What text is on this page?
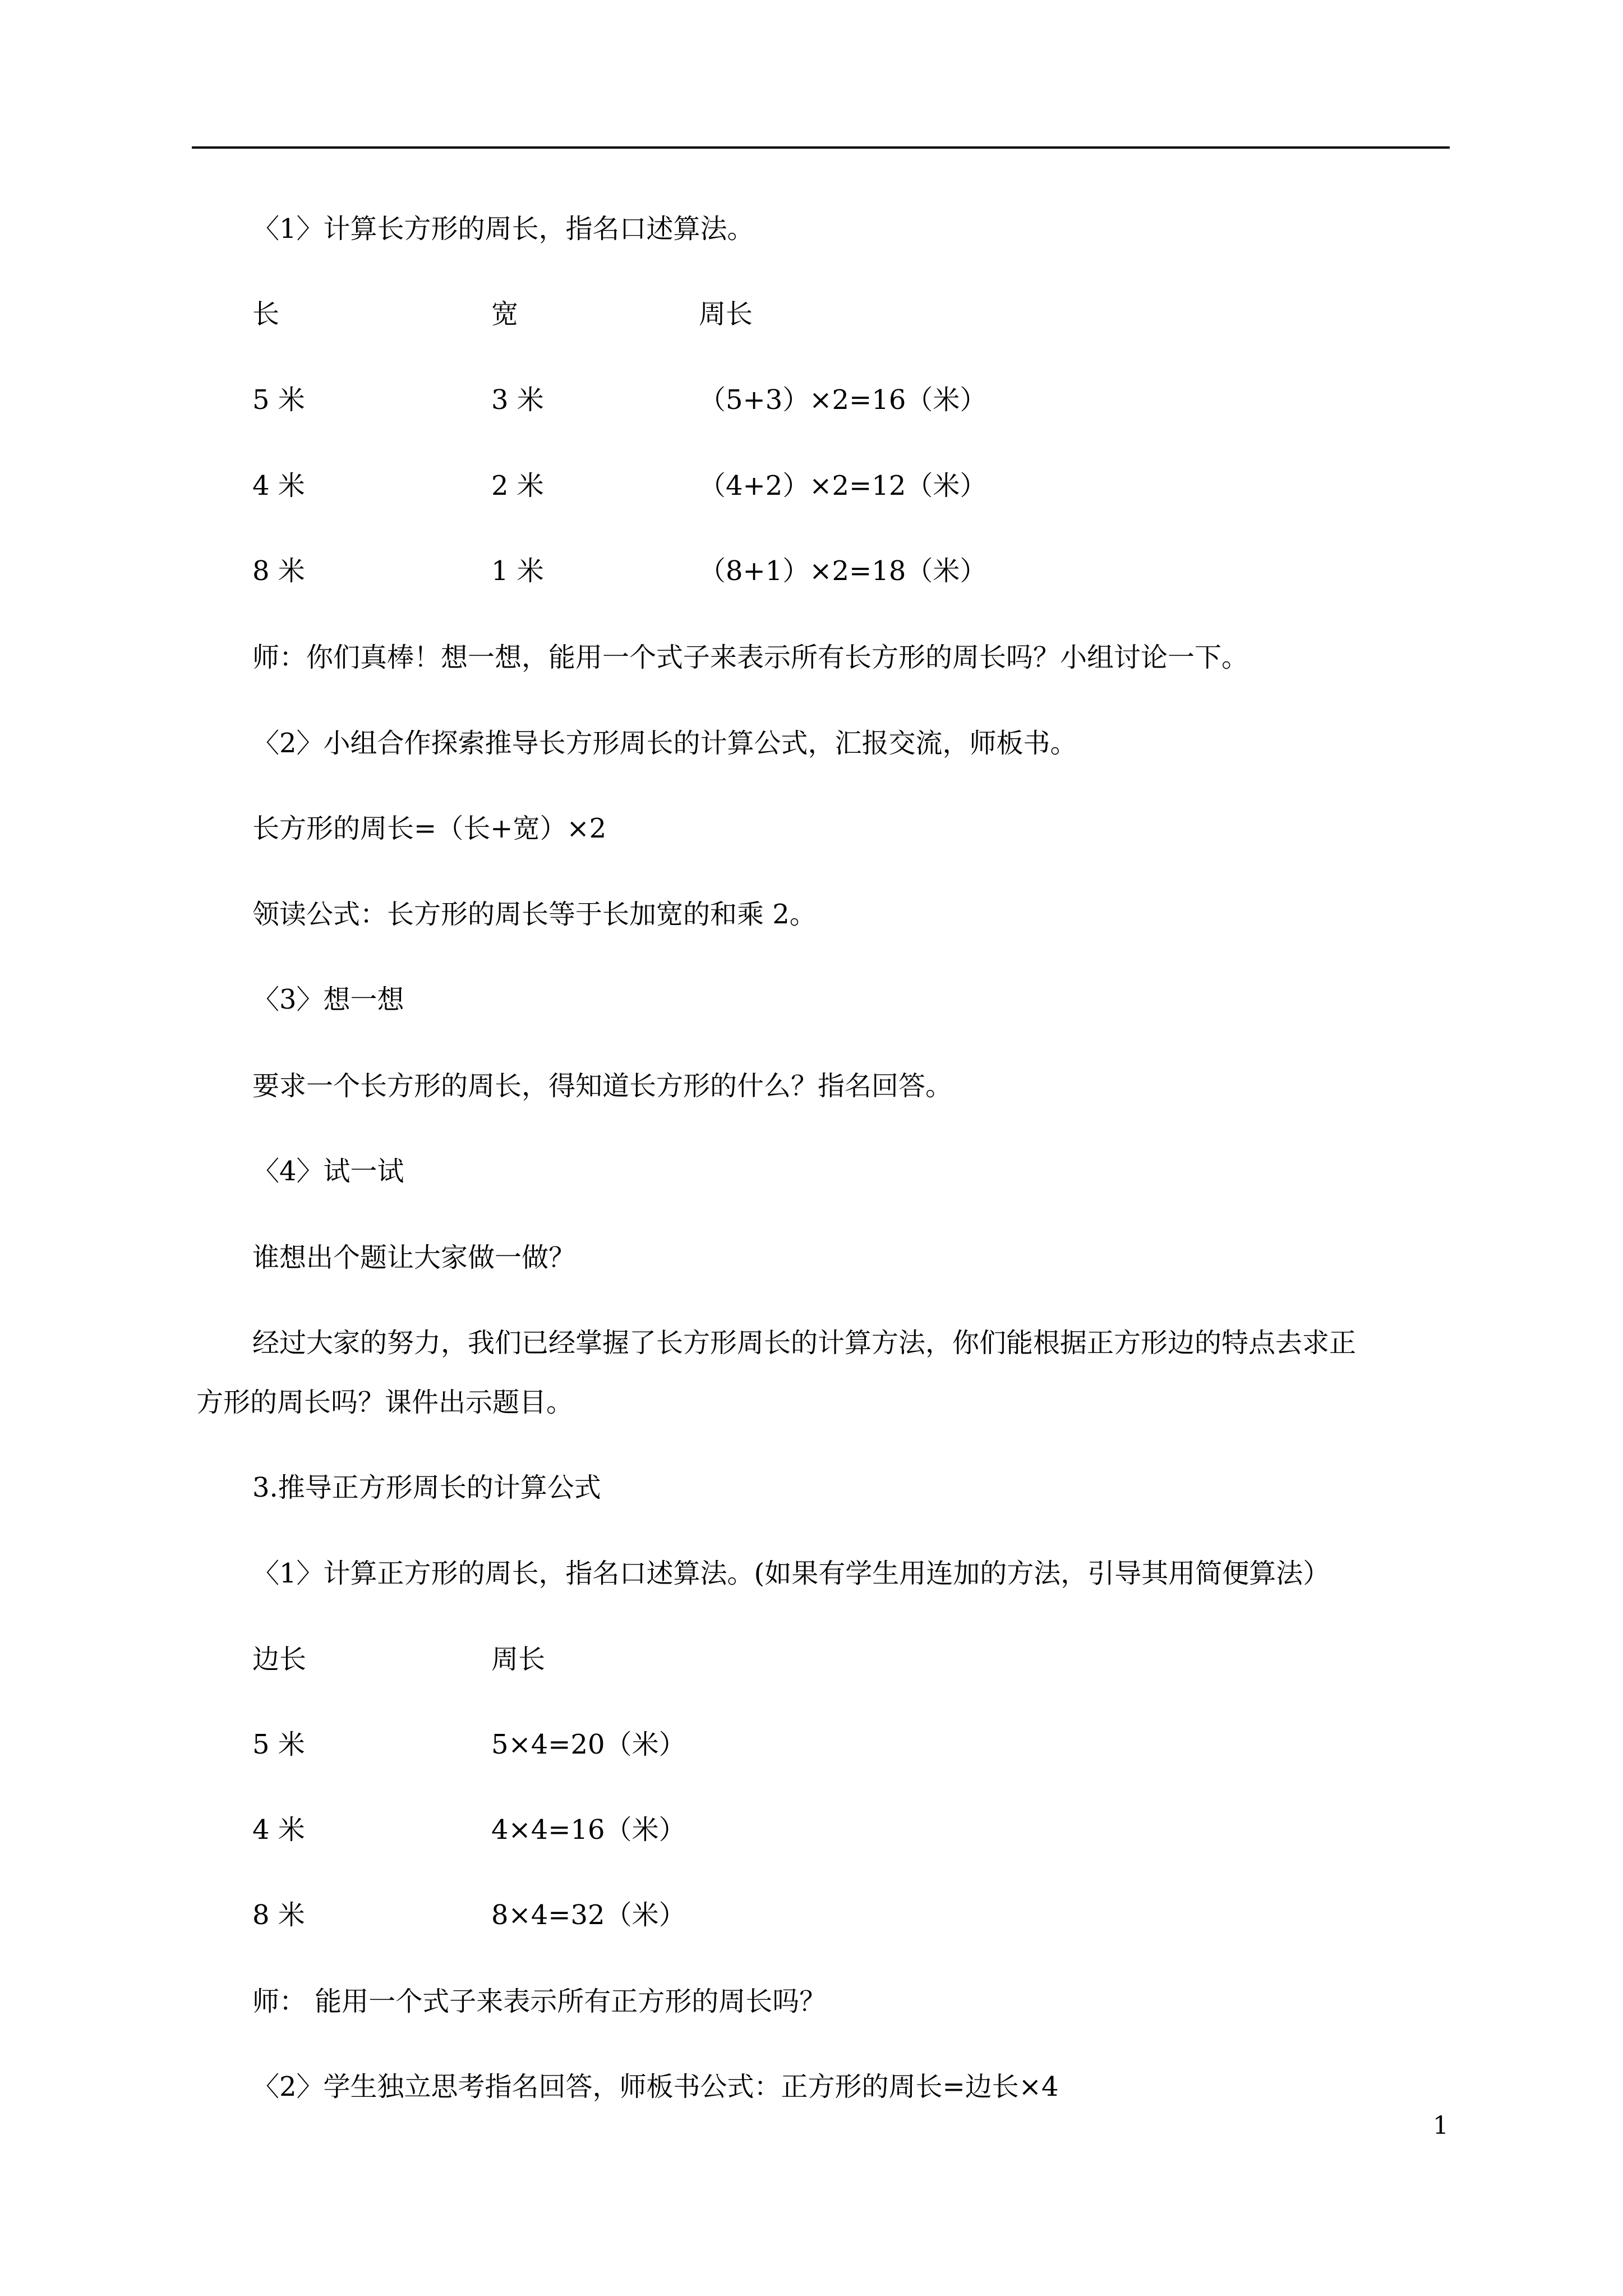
〈1〉计算长方形的周长，指名口述算法。
长	宽	周长
5 米	3 米	（5+3）×2=16（米）
4 米	2 米	（4+2）×2=12（米）
8 米	1 米	（8+1）×2=18（米）
师：你们真棒！想一想，能用一个式子来表示所有长方形的周长吗？小组讨论一下。
〈2〉小组合作探索推导长方形周长的计算公式，汇报交流，师板书。
长方形的周长=（长+宽）×2
领读公式：长方形的周长等于长加宽的和乘 2。
〈3〉想一想
要求一个长方形的周长，得知道长方形的什么？指名回答。
〈4〉试一试
谁想出个题让大家做一做？
经过大家的努力，我们已经掌握了长方形周长的计算方法，你们能根据正方形边的特点去求正
方形的周长吗？课件出示题目。
3.推导正方形周长的计算公式
〈1〉计算正方形的周长，指名口述算法。(如果有学生用连加的方法，引导其用简便算法）
边长	周长
5 米	5×4=20（米）
4 米	4×4=16（米）
8 米	8×4=32（米）
师： 能用一个式子来表示所有正方形的周长吗？
〈2〉学生独立思考指名回答，师板书公式：正方形的周长=边长×4
1
